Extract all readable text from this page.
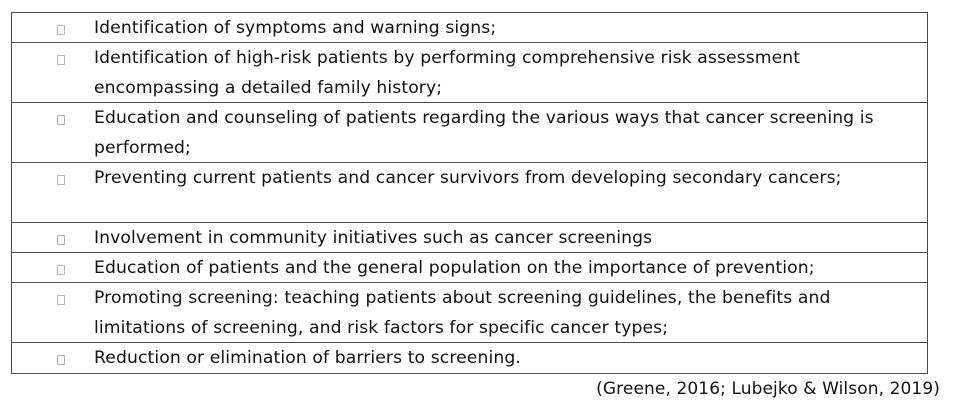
Identification of symptoms and warning signs;
Identification of high-risk patients by performing comprehensive risk assessment encompassing a detailed family history;
Education and counseling of patients regarding the various ways that cancer screening is performed;
Preventing current patients and cancer survivors from developing secondary cancers;
Involvement in community initiatives such as cancer screenings
Education of patients and the general population on the importance of prevention;
Promoting screening: teaching patients about screening guidelines, the benefits and limitations of screening, and risk factors for specific cancer types;
Reduction or elimination of barriers to screening.
(Greene, 2016; Lubejko & Wilson, 2019)
